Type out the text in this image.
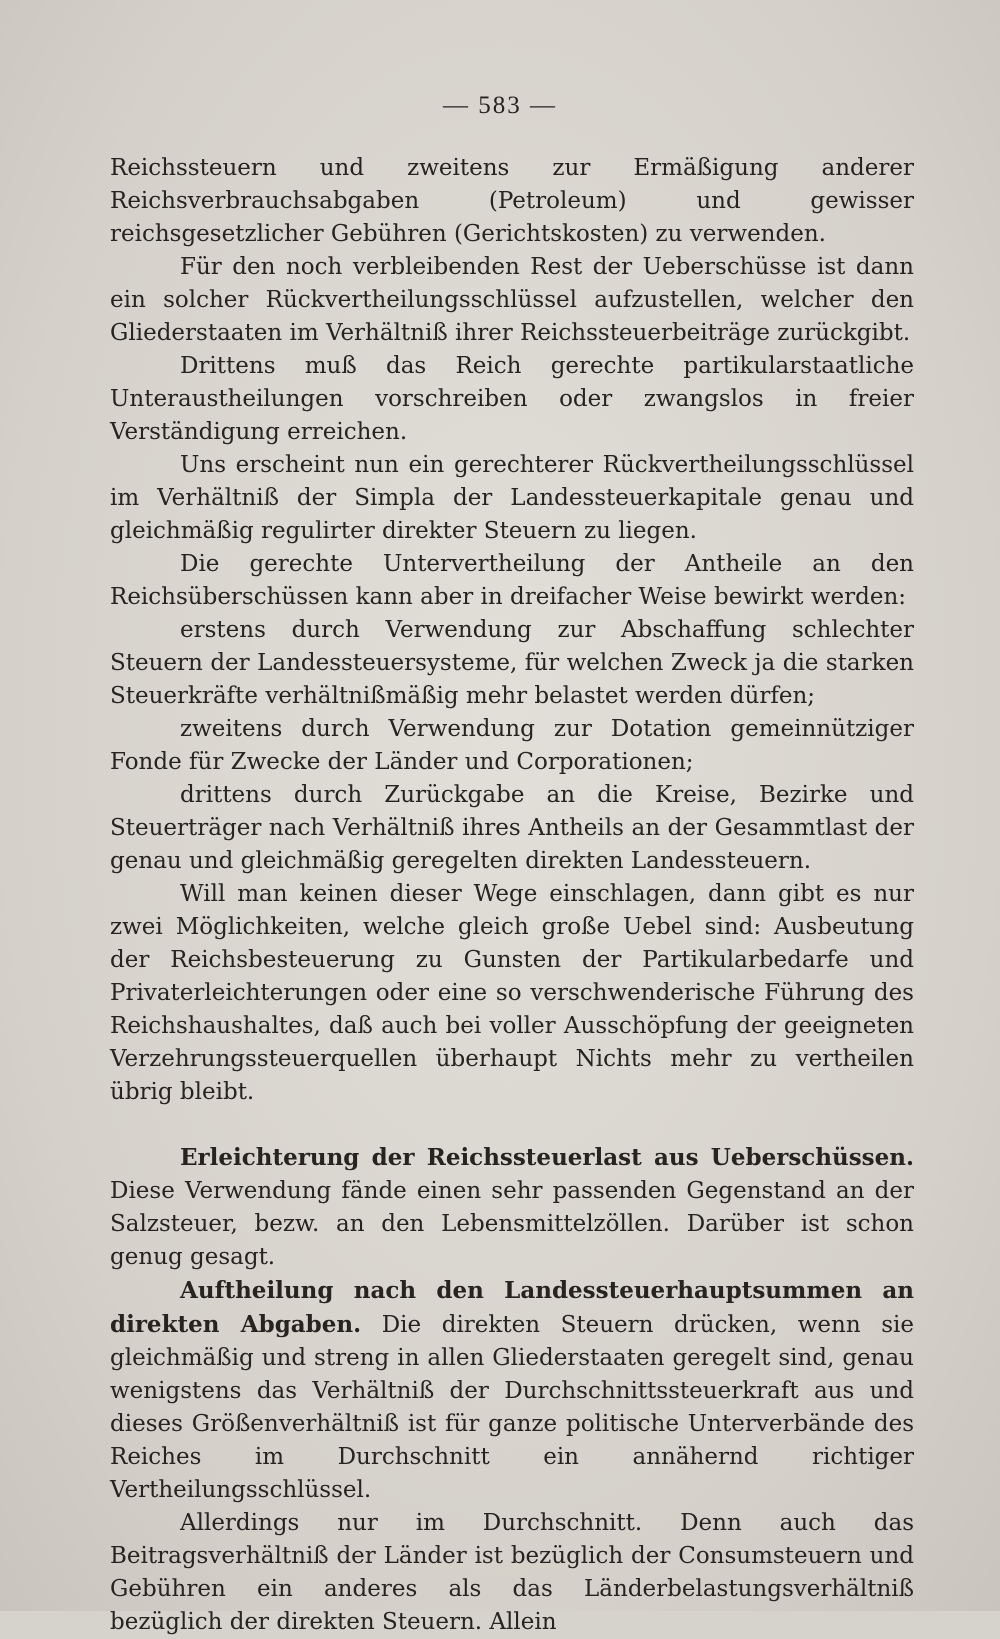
— 583 —

Reichssteuern und zweitens zur Ermäßigung anderer Reichsverbrauchsabgaben (Petroleum) und gewisser reichsgesetzlicher Gebühren (Gerichtskosten) zu verwenden.

Für den noch verbleibenden Rest der Ueberschüsse ist dann ein solcher Rückvertheilungsschlüssel aufzustellen, welcher den Gliederstaaten im Verhältniß ihrer Reichssteuerbeiträge zurückgibt.

Drittens muß das Reich gerechte partikularstaatliche Unteraustheilungen vorschreiben oder zwangslos in freier Verständigung erreichen.

Uns erscheint nun ein gerechterer Rückvertheilungsschlüssel im Verhältniß der Simpla der Landessteuerkapitale genau und gleichmäßig regulirter direkter Steuern zu liegen.

Die gerechte Untervertheilung der Antheile an den Reichsüberschüssen kann aber in dreifacher Weise bewirkt werden:

erstens durch Verwendung zur Abschaffung schlechter Steuern der Landessteuersysteme, für welchen Zweck ja die starken Steuerkräfte verhältnißmäßig mehr belastet werden dürfen;

zweitens durch Verwendung zur Dotation gemeinnütziger Fonde für Zwecke der Länder und Corporationen;

drittens durch Zurückgabe an die Kreise, Bezirke und Steuerträger nach Verhältniß ihres Antheils an der Gesammtlast der genau und gleichmäßig geregelten direkten Landessteuern.

Will man keinen dieser Wege einschlagen, dann gibt es nur zwei Möglichkeiten, welche gleich große Uebel sind: Ausbeutung der Reichsbesteuerung zu Gunsten der Partikularbedarfe und Privaterleichterungen oder eine so verschwenderische Führung des Reichshaushaltes, daß auch bei voller Ausschöpfung der geeigneten Verzehrungssteuerquellen überhaupt Nichts mehr zu vertheilen übrig bleibt.

Erleichterung der Reichssteuerlast aus Ueberschüssen. Diese Verwendung fände einen sehr passenden Gegenstand an der Salzsteuer, bezw. an den Lebensmittelzöllen. Darüber ist schon genug gesagt.

Auftheilung nach den Landessteuerhauptsummen an direkten Abgaben. Die direkten Steuern drücken, wenn sie gleichmäßig und streng in allen Gliederstaaten geregelt sind, genau wenigstens das Verhältniß der Durchschnittssteuerkraft aus und dieses Größenverhältniß ist für ganze politische Unterverbände des Reiches im Durchschnitt ein annähernd richtiger Vertheilungsschlüssel.

Allerdings nur im Durchschnitt. Denn auch das Beitragsverhältniß der Länder ist bezüglich der Consumsteuern und Gebühren ein anderes als das Länderbelastungsverhältniß bezüglich der direkten Steuern. Allein
